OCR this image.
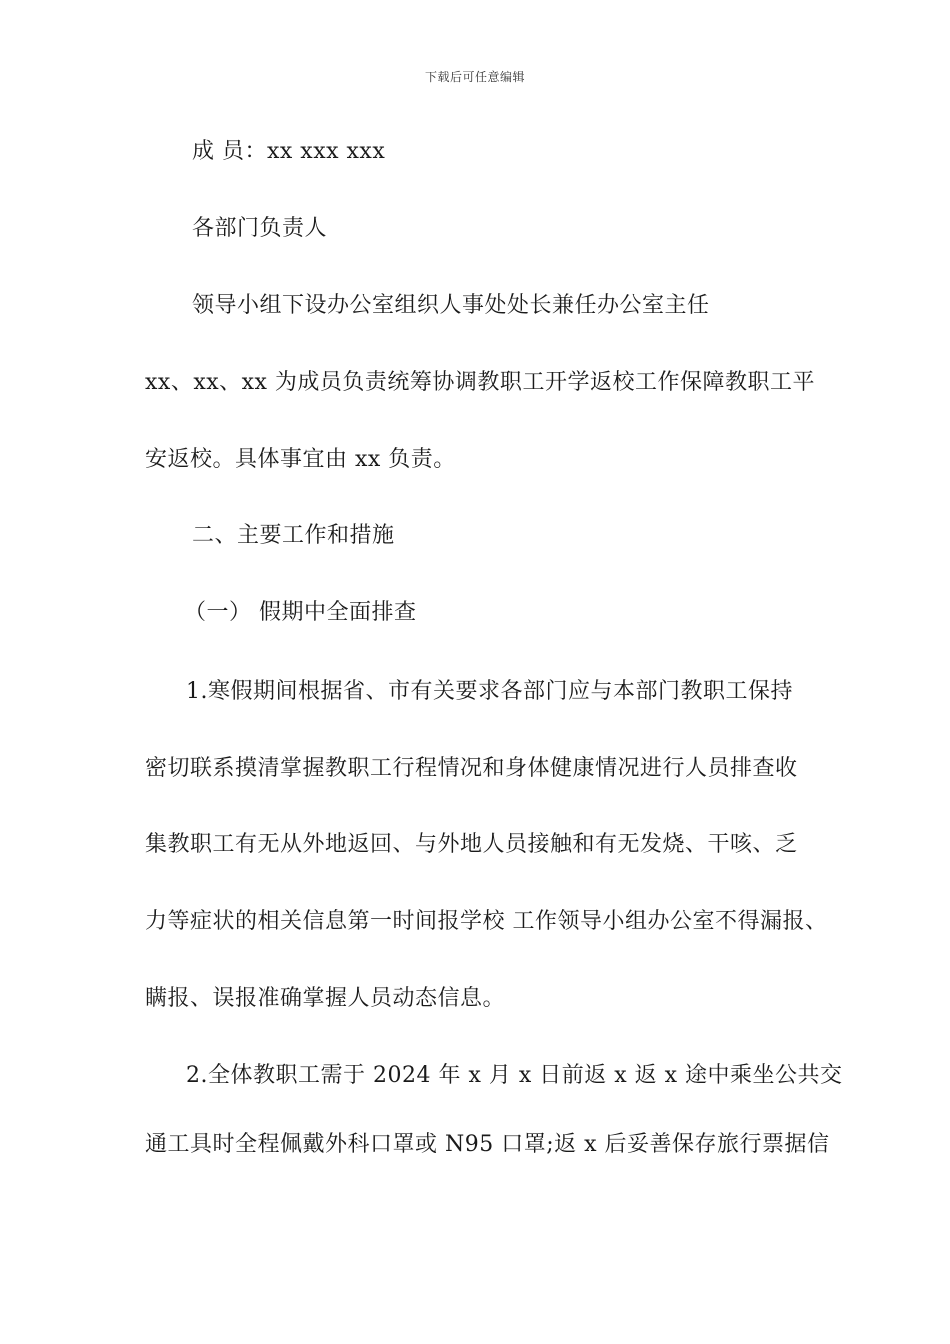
下载后可任意编辑
成 员：xx xxx xxx
各部门负责人
领导小组下设办公室组织人事处处长兼任办公室主任
xx、xx、xx 为成员负责统筹协调教职工开学返校工作保障教职工平
安返校。具体事宜由 xx 负责。
二、主要工作和措施
（一） 假期中全面排查
1.寒假期间根据省、市有关要求各部门应与本部门教职工保持
密切联系摸清掌握教职工行程情况和身体健康情况进行人员排查收
集教职工有无从外地返回、与外地人员接触和有无发烧、干咳、乏
力等症状的相关信息第一时间报学校 工作领导小组办公室不得漏报、
瞒报、误报准确掌握人员动态信息。
2.全体教职工需于 2024 年 x 月 x 日前返 x 返 x 途中乘坐公共交
通工具时全程佩戴外科口罩或 N95 口罩;返 x 后妥善保存旅行票据信
